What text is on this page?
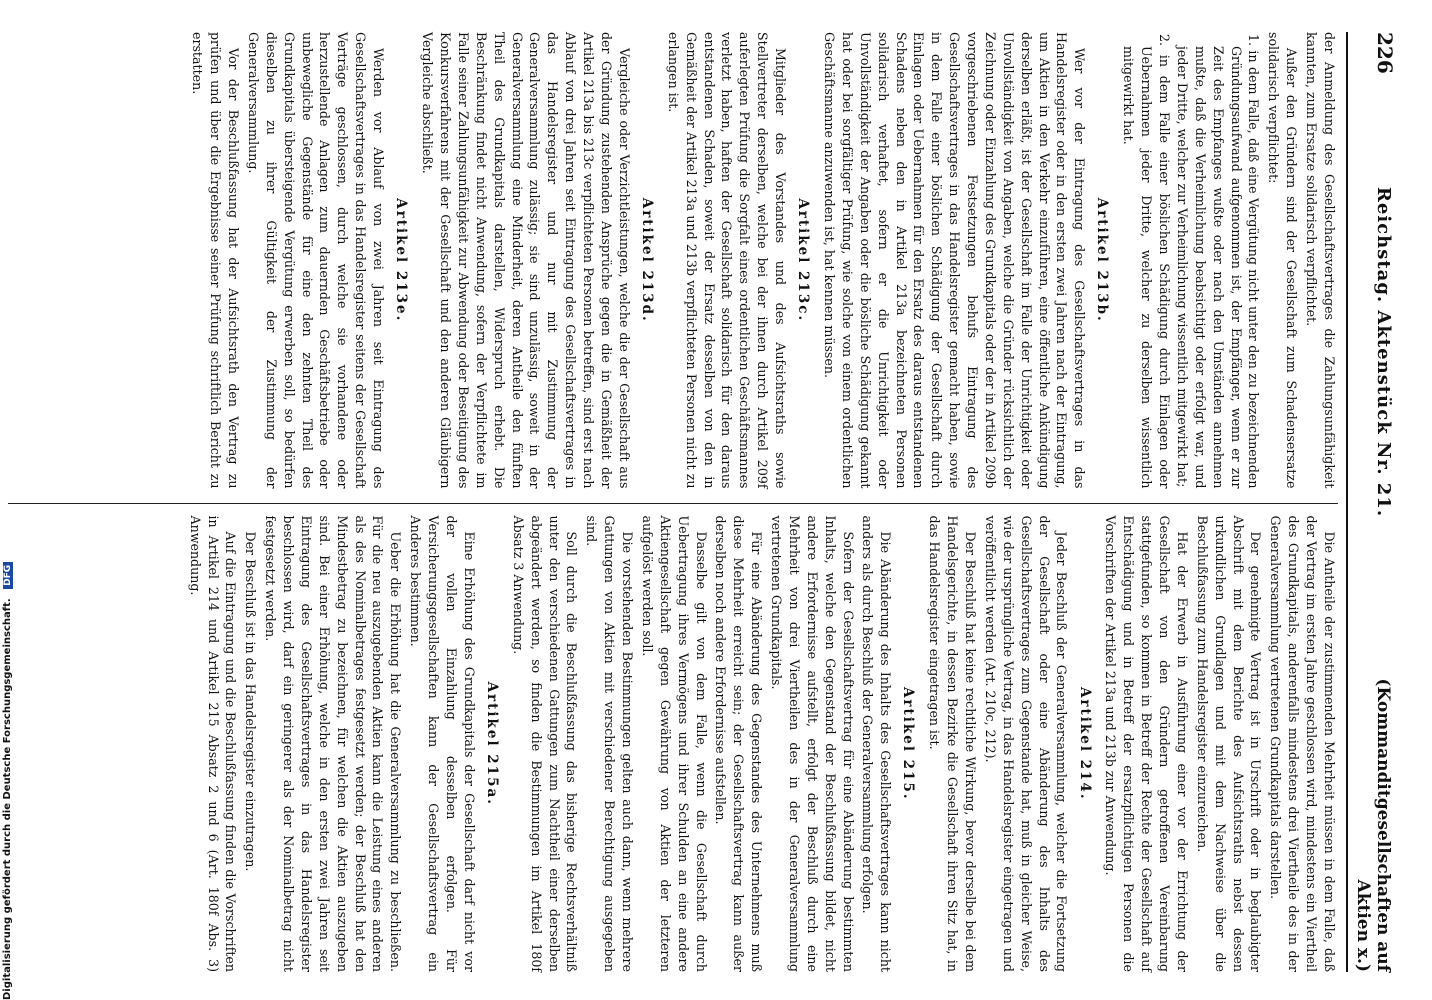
226
Reichstag. Aktenstück Nr. 21.
(Kommanditgesellschaften auf Aktien x.)

der Anmeldung des Gesellschaftsvertrages die Zahlungsunfähigkeit kannten, zum Ersatze solidarisch verpflichtet.

Außer den Gründern sind der Gesellschaft zum Schadensersatze solidarisch verpflichtet:

1. in dem Falle, daß eine Vergütung nicht unter den zu bezeichnenden Gründungsaufwand aufgenommen ist, der Empfänger, wenn er zur Zeit des Empfanges wußte oder nach den Umständen annehmen mußte, daß die Verheimlichung beabsichtigt oder erfolgt war, und jeder Dritte, welcher zur Verheimlichung wissentlich mitgewirkt hat;
2. in dem Falle einer böslichen Schädigung durch Einlagen oder Uebernahmen jeder Dritte, welcher zu derselben wissentlich mitgewirkt hat.
Artikel 213b.

Wer vor der Eintragung des Gesellschaftsvertrages in das Handelsregister oder in den ersten zwei Jahren nach der Eintragung, um Aktien in den Verkehr einzuführen, eine öffentliche Ankündigung derselben erläßt, ist der Gesellschaft im Falle der Unrichtigkeit oder Unvollständigkeit von Angaben, welche die Gründer rücksichtlich der Zeichnung oder Einzahlung des Grundkapitals oder der in Artikel 209b vorgeschriebenen Festsetzungen behufs Eintragung des Gesellschaftsvertrages in das Handelsregister gemacht haben, sowie in dem Falle einer böslichen Schädigung der Gesellschaft durch Einlagen oder Uebernahmen für den Ersatz des daraus entstandenen Schadens neben den in Artikel 213a bezeichneten Personen solidarisch verhaftet, sofern er die Unrichtigkeit oder Unvollständigkeit der Angaben oder die bösliche Schädigung gekannt hat oder bei sorgfältiger Prüfung, wie solche von einem ordentlichen Geschäftsmanne anzuwenden ist, hat kennen müssen.

Artikel 213c.

Mitglieder des Vorstandes und des Aufsichtsraths sowie Stellvertreter derselben, welche bei der ihnen durch Artikel 209f auferlegten Prüfung die Sorgfalt eines ordentlichen Geschäftsmannes verletzt haben, haften der Gesellschaft solidarisch für den daraus entstandenen Schaden, soweit der Ersatz desselben von den in Gemäßheit der Artikel 213a und 213b verpflichteten Personen nicht zu erlangen ist.

Artikel 213d.

Vergleiche oder Verzichtleistungen, welche die der Gesellschaft aus der Gründung zustehenden Ansprüche gegen die in Gemäßheit der Artikel 213a bis 213c verpflichteten Personen betreffen, sind erst nach Ablauf von drei Jahren seit Eintragung des Gesellschaftsvertrages in das Handelsregister und nur mit Zustimmung der Generalversammlung zulässig; sie sind unzulässig, soweit in der Generalversammlung eine Minderheit, deren Antheile den fünften Theil des Grundkapitals darstellen, Widerspruch erhebt. Die Beschränkung findet nicht Anwendung, sofern der Verpflichtete im Falle seiner Zahlungsunfähigkeit zur Abwendung oder Beseitigung des Konkursverfahrens mit der Gesellschaft und den anderen Gläubigern Vergleiche abschließt.

Artikel 213e.

Werden vor Ablauf von zwei Jahren seit Eintragung des Gesellschaftsvertrages in das Handelsregister seitens der Gesellschaft Verträge geschlossen, durch welche sie vorhandene oder herzustellende Anlagen zum dauernden Geschäftsbetriebe oder unbewegliche Gegenstände für eine den zehnten Theil des Grundkapitals übersteigende Vergütung erwerben soll, so bedürfen dieselben zu ihrer Gültigkeit der Zustimmung der Generalversammlung.

Vor der Beschlußfassung hat der Aufsichtsrath den Vertrag zu prüfen und über die Ergebnisse seiner Prüfung schriftlich Bericht zu erstatten.

Die Antheile der zustimmenden Mehrheit müssen in dem Falle, daß der Vertrag im ersten Jahre geschlossen wird, mindestens ein Viertheil des Grundkapitals, anderenfalls mindestens drei Viertheile des in der Generalversammlung vertretenen Grundkapitals darstellen.

Der genehmigte Vertrag ist in Urschrift oder in beglaubigter Abschrift mit dem Berichte des Aufsichtsraths nebst dessen urkundlichen Grundlagen und mit dem Nachweise über die Beschlußfassung zum Handelsregister einzureichen.

Hat der Erwerb in Ausführung einer vor der Errichtung der Gesellschaft von den Gründern getroffenen Vereinbarung stattgefunden, so kommen in Betreff der Rechte der Gesellschaft auf Entschädigung und in Betreff der ersatzpflichtigen Personen die Vorschriften der Artikel 213a und 213b zur Anwendung.

Artikel 214.

Jeder Beschluß der Generalversammlung, welcher die Fortsetzung der Gesellschaft oder eine Abänderung des Inhalts des Gesellschaftsvertrages zum Gegenstande hat, muß in gleicher Weise, wie der ursprüngliche Vertrag, in das Handelsregister eingetragen und veröffentlicht werden (Art. 210c, 212).

Der Beschluß hat keine rechtliche Wirkung, bevor derselbe bei dem Handelsgerichte, in dessen Bezirke die Gesellschaft ihren Sitz hat, in das Handelsregister eingetragen ist.

Artikel 215.

Die Abänderung des Inhalts des Gesellschaftsvertrages kann nicht anders als durch Beschluß der Generalversammlung erfolgen.

Sofern der Gesellschaftsvertrag für eine Abänderung bestimmten Inhalts, welche den Gegenstand der Beschlußfassung bildet, nicht andere Erfordernisse aufstellt, erfolgt der Beschluß durch eine Mehrheit von drei Viertheilen des in der Generalversammlung vertretenen Grundkapitals.

Für eine Abänderung des Gegenstandes des Unternehmens muß diese Mehrheit erreicht sein; der Gesellschaftsvertrag kann außer derselben noch andere Erfordernisse aufstellen.

Dasselbe gilt von dem Falle, wenn die Gesellschaft durch Uebertragung ihres Vermögens und ihrer Schulden an eine andere Aktiengesellschaft gegen Gewährung von Aktien der letzteren aufgelöst werden soll.

Die vorstehenden Bestimmungen gelten auch dann, wenn mehrere Gattungen von Aktien mit verschiedener Berechtigung ausgegeben sind.

Soll durch die Beschlußfassung das bisherige Rechtsverhältniß unter den verschiedenen Gattungen zum Nachtheil einer derselben abgeändert werden, so finden die Bestimmungen im Artikel 180f Absatz 3 Anwendung.

Artikel 215a.

Eine Erhöhung des Grundkapitals der Gesellschaft darf nicht vor der vollen Einzahlung desselben erfolgen. Für Versicherungsgesellschaften kann der Gesellschaftsvertrag ein Anderes bestimmen.

Ueber die Erhöhung hat die Generalversammlung zu beschließen. Für die neu auszugebenden Aktien kann die Leistung eines anderen als des Nominalbetrages festgesetzt werden; der Beschluß hat den Mindestbetrag zu bezeichnen, für welchen die Aktien auszugeben sind. Bei einer Erhöhung, welche in den ersten zwei Jahren seit Eintragung des Gesellschaftsvertrages in das Handelsregister beschlossen wird, darf ein geringerer als der Nominalbetrag nicht festgesetzt werden.

Der Beschluß ist in das Handelsregister einzutragen.

Auf die Eintragung und die Beschlußfassung finden die Vorschriften in Artikel 214 und Artikel 215 Absatz 2 und 6 (Art. 180f Abs. 3) Anwendung.

Digitalisierung gefördert durch die Deutsche Forschungsgemeinschaft. DFG
